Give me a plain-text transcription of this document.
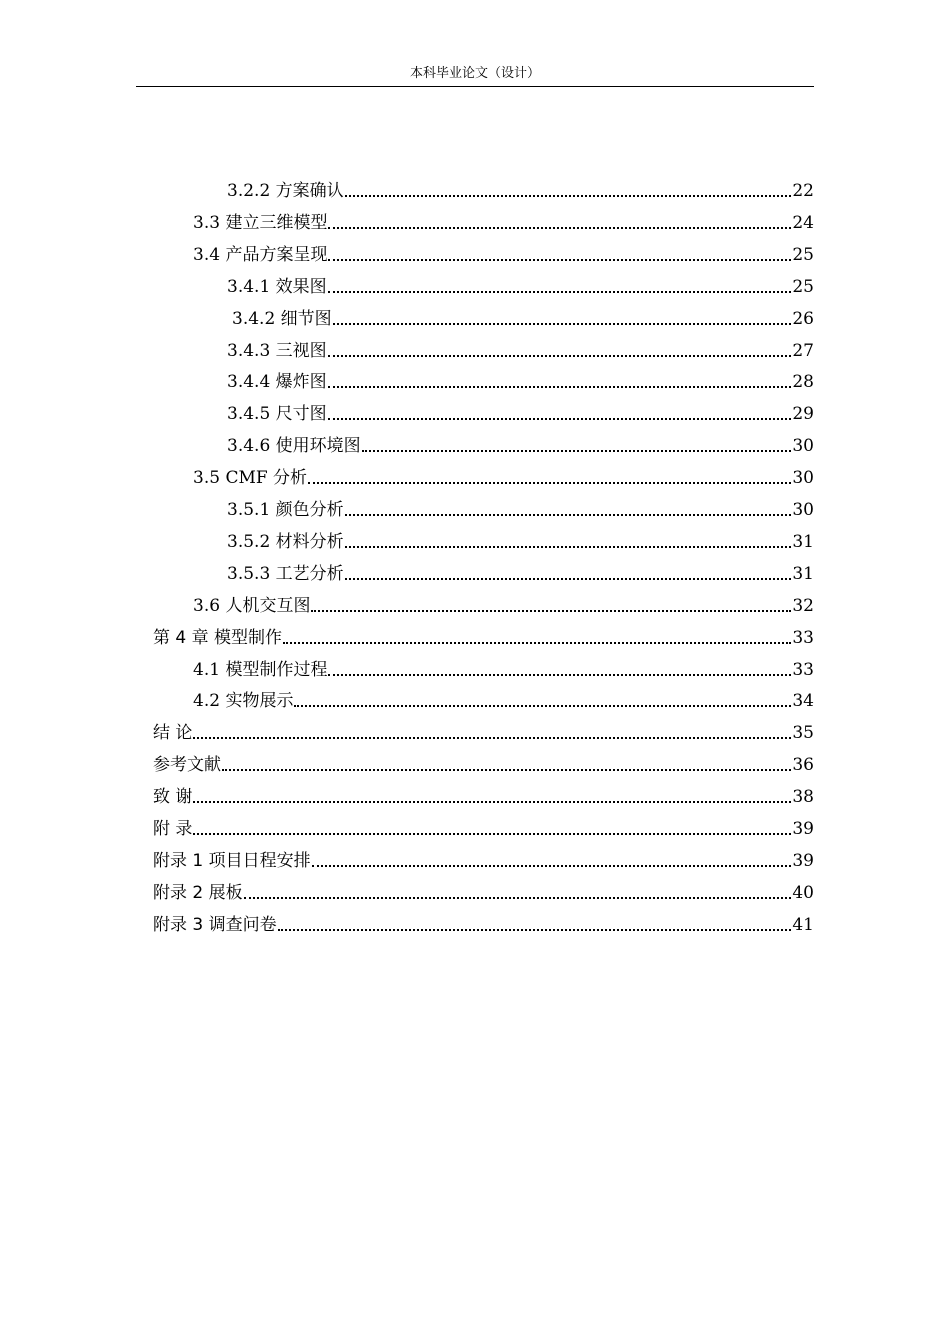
本科毕业论文（设计）
3.2.2 方案确认	22
3.3 建立三维模型	24
3.4 产品方案呈现	25
3.4.1 效果图	25
3.4.2 细节图	26
3.4.3 三视图	27
3.4.4 爆炸图	28
3.4.5 尺寸图	29
3.4.6 使用环境图	30
3.5 CMF 分析	30
3.5.1 颜色分析	30
3.5.2 材料分析	31
3.5.3 工艺分析	31
3.6 人机交互图	32
第 4 章 模型制作	33
4.1 模型制作过程	33
4.2 实物展示	34
结 论	35
参考文献	36
致 谢	38
附 录	39
附录 1 项目日程安排	39
附录 2 展板	40
附录 3 调查问卷	41
